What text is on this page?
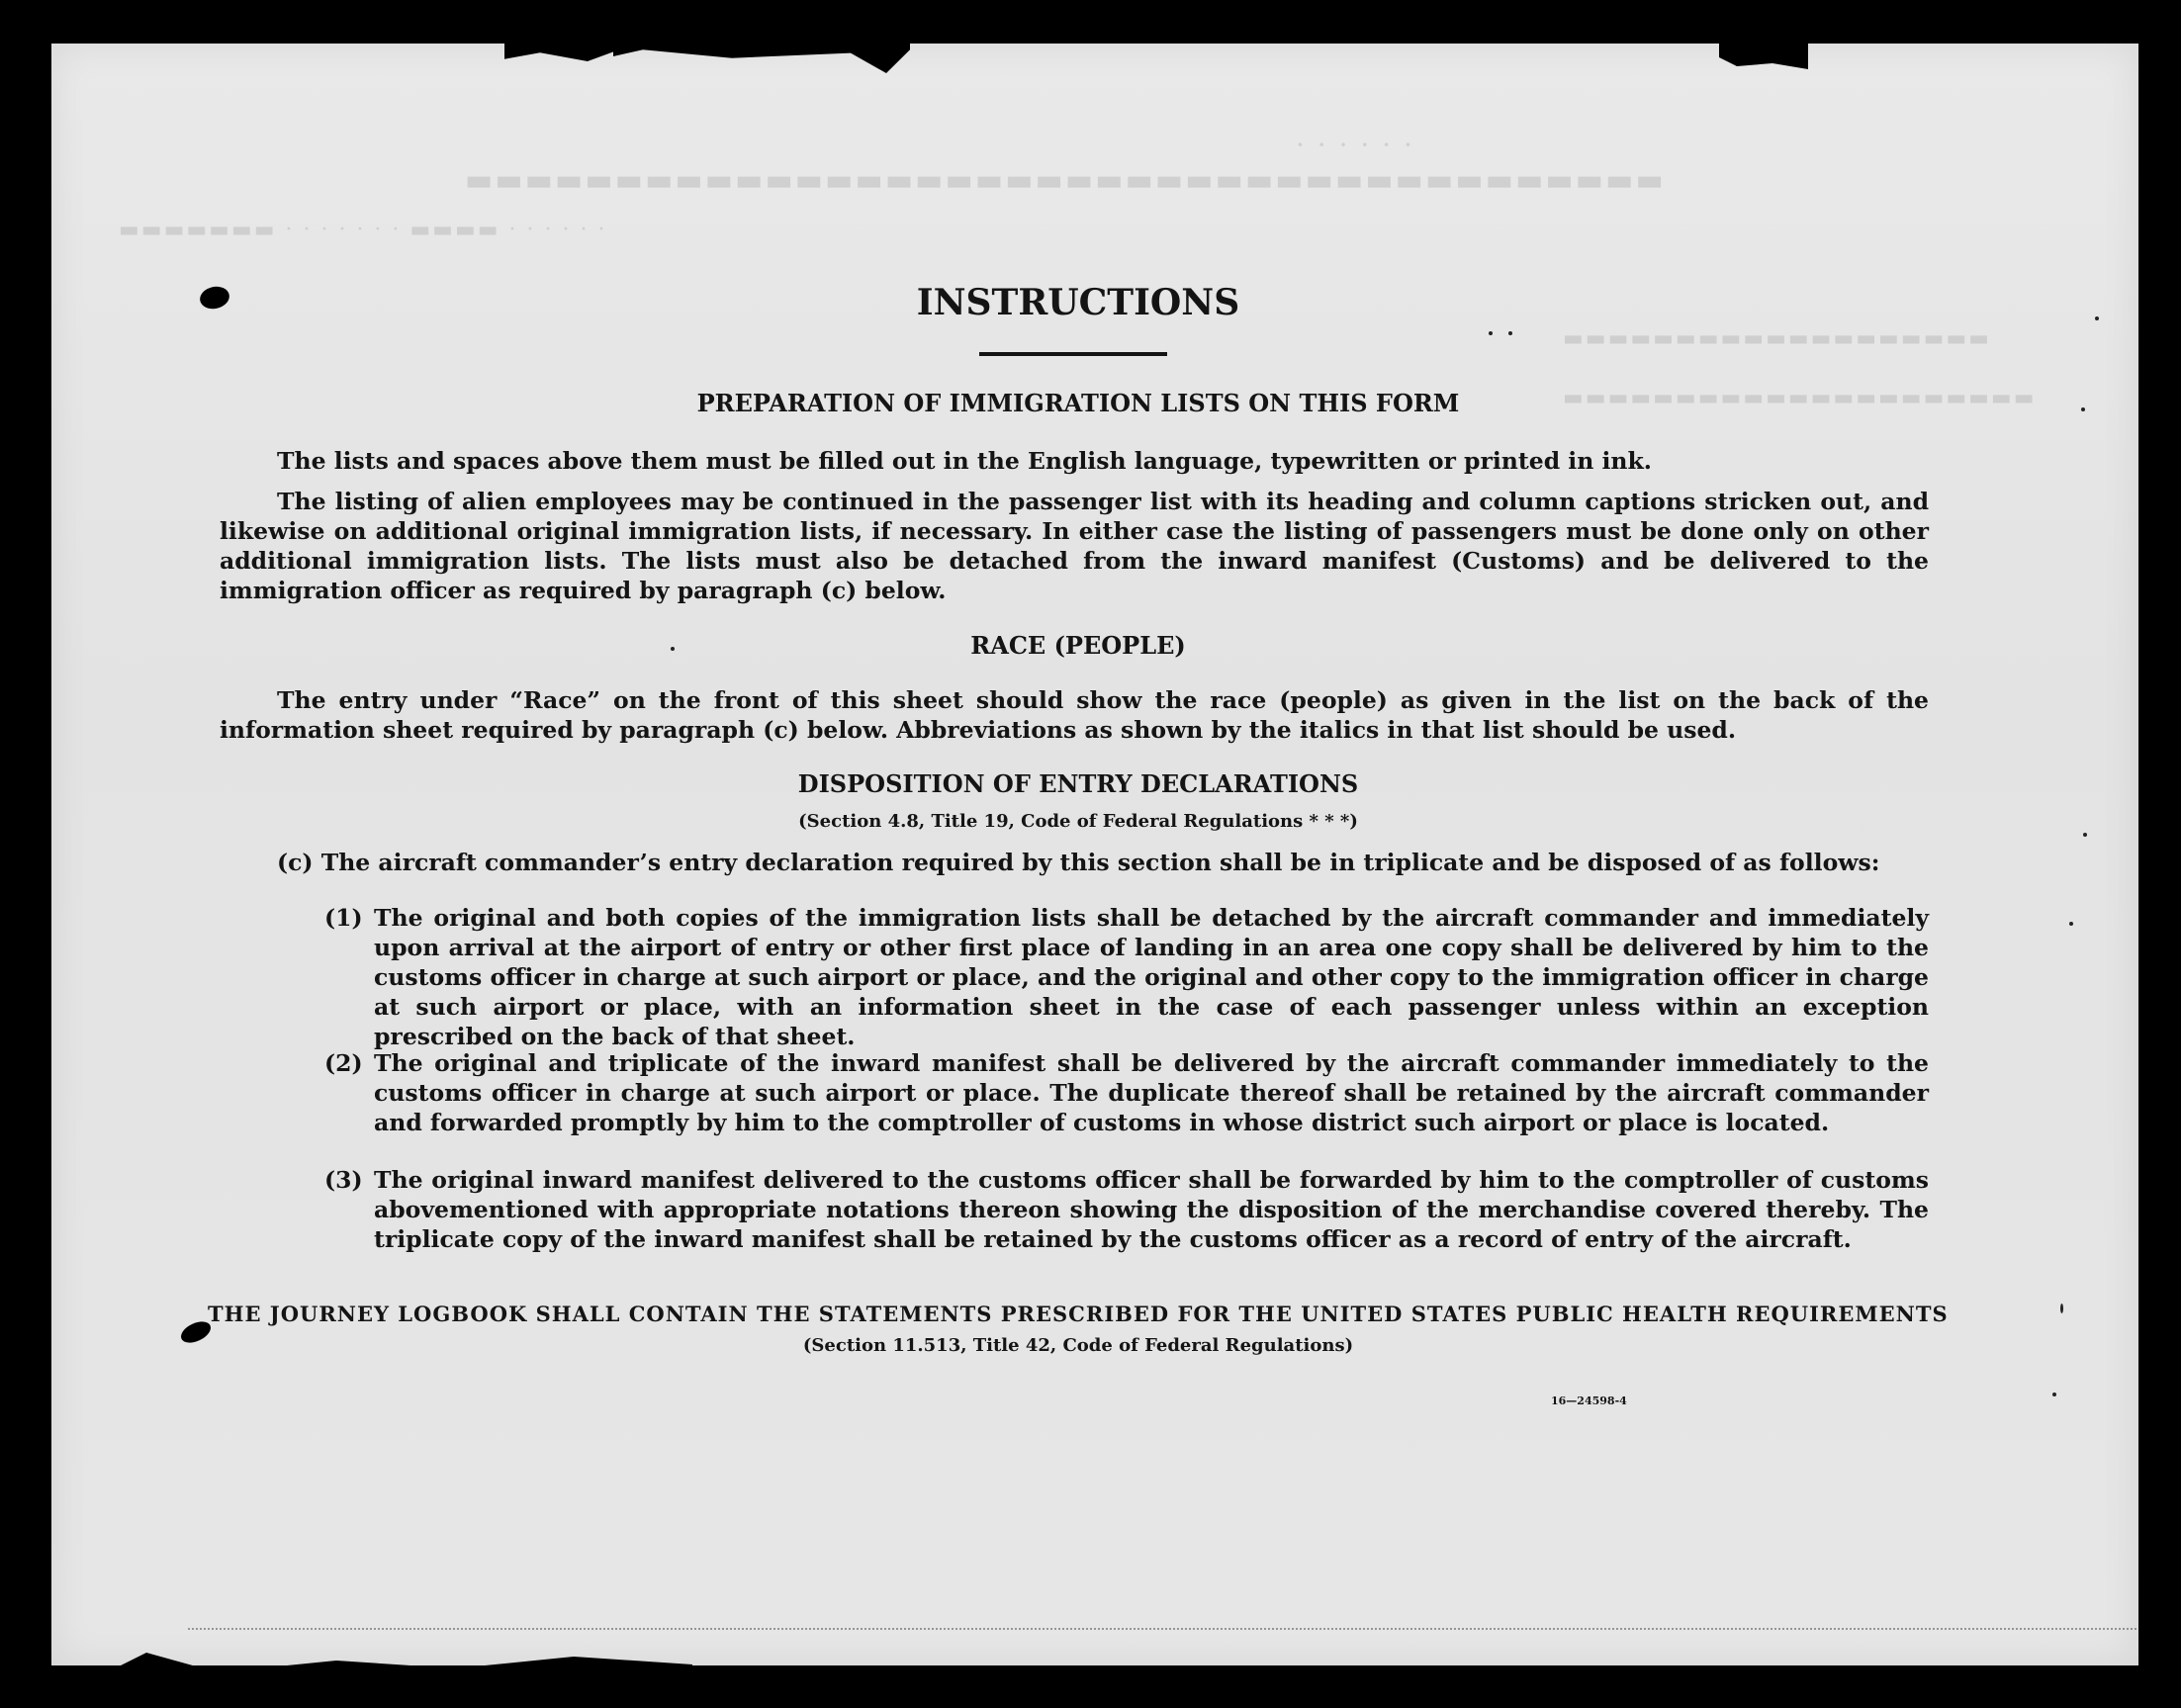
· · · · · ·
▬▬▬▬▬▬▬▬▬▬▬▬▬▬▬▬▬▬▬▬▬▬▬▬▬▬▬▬▬▬▬▬▬▬▬▬▬▬▬▬
▬▬▬▬▬▬▬ · · · · · · · ▬▬▬▬ · · · · · ·
▬▬▬▬▬▬▬▬▬▬▬▬▬▬▬▬▬▬▬
▬▬▬▬▬▬▬▬▬▬▬▬▬▬▬▬▬▬▬▬▬
INSTRUCTIONS
PREPARATION OF IMMIGRATION LISTS ON THIS FORM
The lists and spaces above them must be filled out in the English language, typewritten or printed in ink.
The listing of alien employees may be continued in the passenger list with its heading and column captions stricken out, and likewise on additional original immigration lists, if necessary. In either case the listing of passengers must be done only on other additional immigration lists. The lists must also be detached from the inward manifest (Customs) and be delivered to the immigration officer as required by paragraph (c) below.
RACE (PEOPLE)
The entry under “Race” on the front of this sheet should show the race (people) as given in the list on the back of the information sheet required by paragraph (c) below. Abbreviations as shown by the italics in that list should be used.
DISPOSITION OF ENTRY DECLARATIONS
(Section 4.8, Title 19, Code of Federal Regulations * * *)
(c) The aircraft commander’s entry declaration required by this section shall be in triplicate and be disposed of as follows:
(1) The original and both copies of the immigration lists shall be detached by the aircraft commander and immediately upon arrival at the airport of entry or other first place of landing in an area one copy shall be delivered by him to the customs officer in charge at such airport or place, and the original and other copy to the immigration officer in charge at such airport or place, with an information sheet in the case of each passenger unless within an exception prescribed on the back of that sheet.
(2) The original and triplicate of the inward manifest shall be delivered by the aircraft commander immediately to the customs officer in charge at such airport or place. The duplicate thereof shall be retained by the aircraft commander and forwarded promptly by him to the comptroller of customs in whose district such airport or place is located.
(3) The original inward manifest delivered to the customs officer shall be forwarded by him to the comptroller of customs abovementioned with appropriate notations thereon showing the disposition of the merchandise covered thereby. The triplicate copy of the inward manifest shall be retained by the customs officer as a record of entry of the aircraft.
THE JOURNEY LOGBOOK SHALL CONTAIN THE STATEMENTS PRESCRIBED FOR THE UNITED STATES PUBLIC HEALTH REQUIREMENTS
(Section 11.513, Title 42, Code of Federal Regulations)
16—24598-4
